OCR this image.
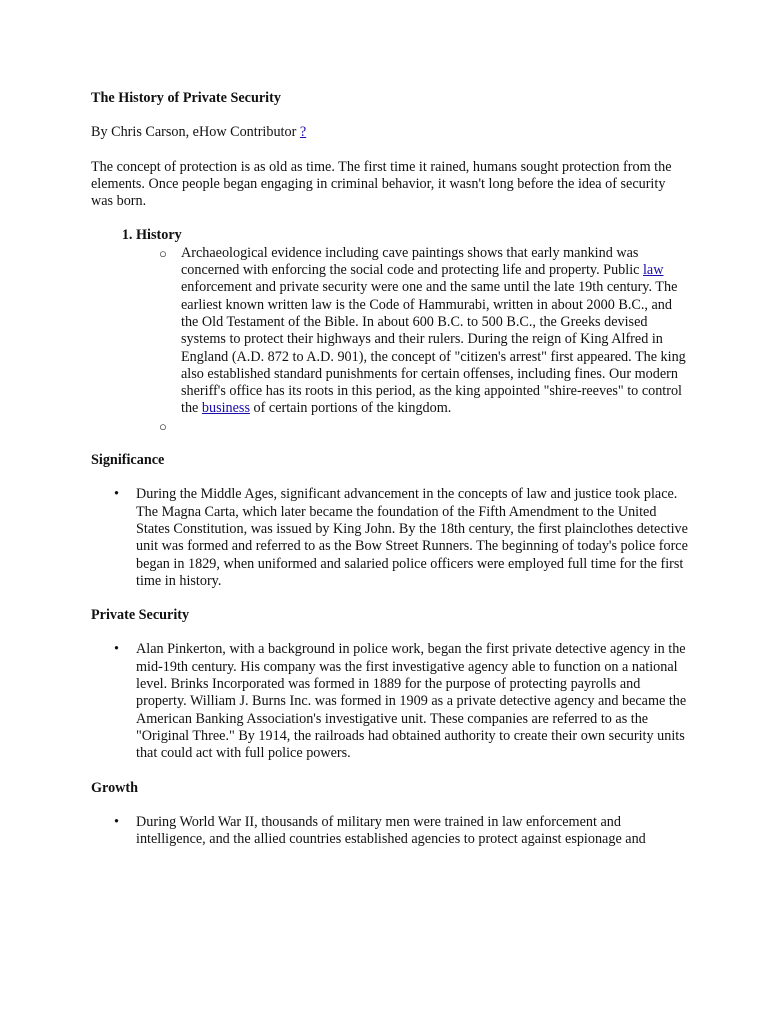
The History of Private Security

By Chris Carson, eHow Contributor ?

The concept of protection is as old as time. The first time it rained, humans sought protection from the elements. Once people began engaging in criminal behavior, it wasn't long before the idea of security was born.

1. History
○ Archaeological evidence including cave paintings shows that early mankind was concerned with enforcing the social code and protecting life and property. Public law enforcement and private security were one and the same until the late 19th century. The earliest known written law is the Code of Hammurabi, written in about 2000 B.C., and the Old Testament of the Bible. In about 600 B.C. to 500 B.C., the Greeks devised systems to protect their highways and their rulers. During the reign of King Alfred in England (A.D. 872 to A.D. 901), the concept of "citizen's arrest" first appeared. The king also established standard punishments for certain offenses, including fines. Our modern sheriff's office has its roots in this period, as the king appointed "shire-reeves" to control the business of certain portions of the kingdom.
○

Significance

• During the Middle Ages, significant advancement in the concepts of law and justice took place. The Magna Carta, which later became the foundation of the Fifth Amendment to the United States Constitution, was issued by King John. By the 18th century, the first plainclothes detective unit was formed and referred to as the Bow Street Runners. The beginning of today's police force began in 1829, when uniformed and salaried police officers were employed full time for the first time in history.

Private Security

• Alan Pinkerton, with a background in police work, began the first private detective agency in the mid-19th century. His company was the first investigative agency able to function on a national level. Brinks Incorporated was formed in 1889 for the purpose of protecting payrolls and property. William J. Burns Inc. was formed in 1909 as a private detective agency and became the American Banking Association's investigative unit. These companies are referred to as the "Original Three." By 1914, the railroads had obtained authority to create their own security units that could act with full police powers.

Growth

• During World War II, thousands of military men were trained in law enforcement and intelligence, and the allied countries established agencies to protect against espionage and
